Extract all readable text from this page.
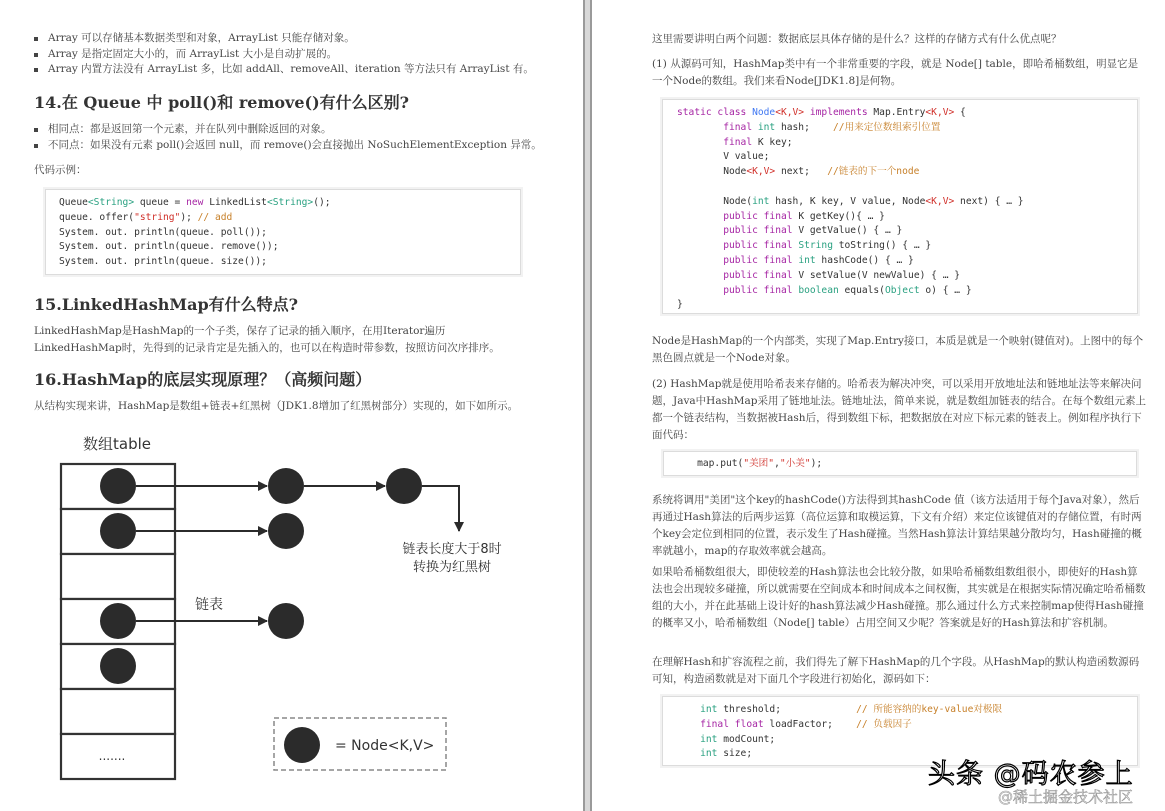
Array 可以存储基本数据类型和对象，ArrayList 只能存储对象。
Array 是指定固定大小的，而 ArrayList 大小是自动扩展的。
Array 内置方法没有 ArrayList 多，比如 addAll、removeAll、iteration 等方法只有 ArrayList 有。
14.在 Queue 中 poll()和 remove()有什么区别?
相同点：都是返回第一个元素，并在队列中删除返回的对象。
不同点：如果没有元素 poll()会返回 null，而 remove()会直接抛出 NoSuchElementException 异常。

代码示例：

Queue<String> queue = new LinkedList<String>();
queue. offer("string"); // add
System. out. println(queue. poll());
System. out. println(queue. remove());
System. out. println(queue. size());
15.LinkedHashMap有什么特点?

LinkedHashMap是HashMap的一个子类，保存了记录的插入顺序，在用Iterator遍历LinkedHashMap时，先得到的记录肯定是先插入的，也可以在构造时带参数，按照访问次序排序。

16.HashMap的底层实现原理？（高频问题）

从结构实现来讲，HashMap是数组+链表+红黑树（JDK1.8增加了红黑树部分）实现的，如下如所示。

数组table
链表
链表长度大于8时
转换为红黑树
.......
= Node<K,V>

这里需要讲明白两个问题：数据底层具体存储的是什么？这样的存储方式有什么优点呢？

(1) 从源码可知，HashMap类中有一个非常重要的字段，就是 Node[] table，即哈希桶数组，明显它是一个Node的数组。我们来看Node[JDK1.8]是何物。

static class Node<K,V> implements Map.Entry<K,V> {
final int hash;    //用来定位数组索引位置
final K key;
V value;
Node<K,V> next;   //链表的下一个node
Node(int hash, K key, V value, Node<K,V> next) { … }
public final K getKey(){ … }
public final V getValue() { … }
public final String toString() { … }
public final int hashCode() { … }
public final V setValue(V newValue) { … }
public final boolean equals(Object o) { … }
}

Node是HashMap的一个内部类，实现了Map.Entry接口，本质是就是一个映射(键值对)。上图中的每个黑色圆点就是一个Node对象。

(2) HashMap就是使用哈希表来存储的。哈希表为解决冲突，可以采用开放地址法和链地址法等来解决问题，Java中HashMap采用了链地址法。链地址法，简单来说，就是数组加链表的结合。在每个数组元素上都一个链表结构，当数据被Hash后，得到数组下标，把数据放在对应下标元素的链表上。例如程序执行下面代码：

map.put("美团","小美");

系统将调用"美团"这个key的hashCode()方法得到其hashCode 值（该方法适用于每个Java对象），然后再通过Hash算法的后两步运算（高位运算和取模运算，下文有介绍）来定位该键值对的存储位置，有时两个key会定位到相同的位置，表示发生了Hash碰撞。当然Hash算法计算结果越分散均匀，Hash碰撞的概率就越小，map的存取效率就会越高。

如果哈希桶数组很大，即使较差的Hash算法也会比较分散，如果哈希桶数组数组很小，即使好的Hash算法也会出现较多碰撞，所以就需要在空间成本和时间成本之间权衡，其实就是在根据实际情况确定哈希桶数组的大小，并在此基础上设计好的hash算法减少Hash碰撞。那么通过什么方式来控制map使得Hash碰撞的概率又小，哈希桶数组（Node[] table）占用空间又少呢？答案就是好的Hash算法和扩容机制。

在理解Hash和扩容流程之前，我们得先了解下HashMap的几个字段。从HashMap的默认构造函数源码可知，构造函数就是对下面几个字段进行初始化，源码如下：

int threshold;             // 所能容纳的key-value对极限
final float loadFactor;    // 负载因子
int modCount;
int size;
头条 @码农参上
@稀土掘金技术社区
